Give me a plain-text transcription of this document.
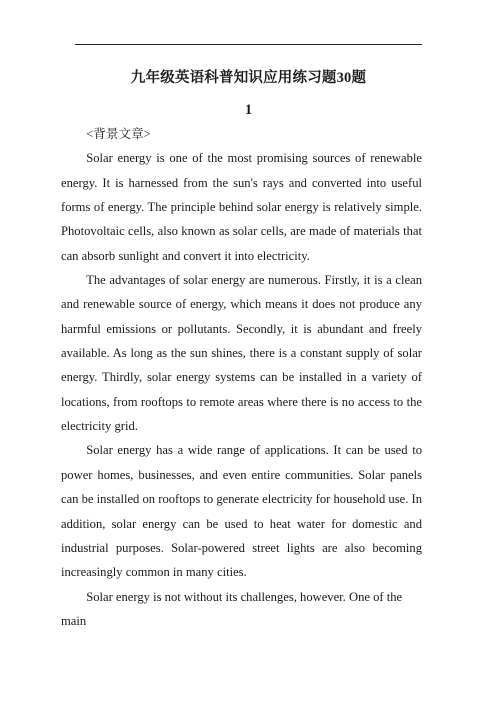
九年级英语科普知识应用练习题30题
1

<背景文章>

Solar energy is one of the most promising sources of renewable energy. It is harnessed from the sun's rays and converted into useful forms of energy. The principle behind solar energy is relatively simple. Photovoltaic cells, also known as solar cells, are made of materials that can absorb sunlight and convert it into electricity.

The advantages of solar energy are numerous. Firstly, it is a clean and renewable source of energy, which means it does not produce any harmful emissions or pollutants. Secondly, it is abundant and freely available. As long as the sun shines, there is a constant supply of solar energy. Thirdly, solar energy systems can be installed in a variety of locations, from rooftops to remote areas where there is no access to the electricity grid.

Solar energy has a wide range of applications. It can be used to power homes, businesses, and even entire communities. Solar panels can be installed on rooftops to generate electricity for household use. In addition, solar energy can be used to heat water for domestic and industrial purposes. Solar-powered street lights are also becoming increasingly common in many cities.

Solar energy is not without its challenges, however. One of the main
